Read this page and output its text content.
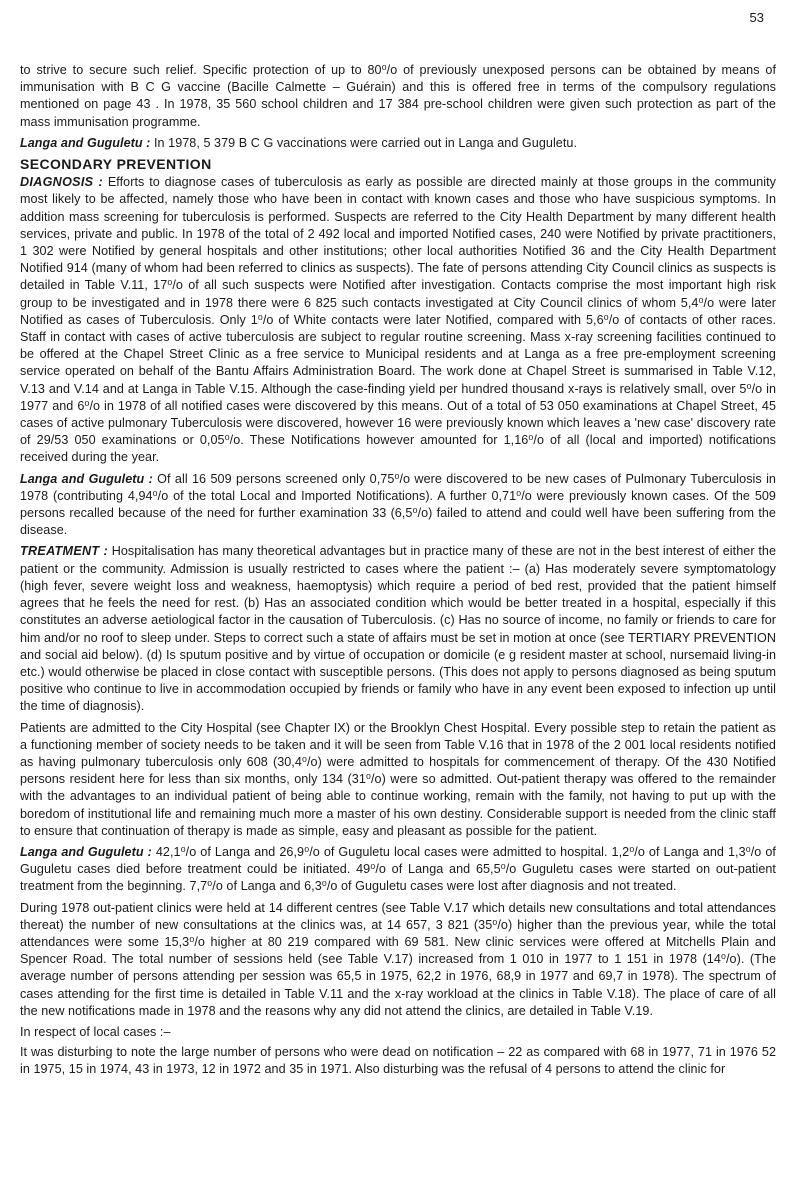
53

to strive to secure such relief. Specific protection of up to 80⁰/o of previously unexposed persons can be obtained by means of immunisation with B C G vaccine (Bacille Calmette – Guérain) and this is offered free in terms of the compulsory regulations mentioned on page 43 . In 1978, 35 560 school children and 17 384 pre-school children were given such protection as part of the mass immunisation programme.

Langa and Guguletu : In 1978, 5 379 B C G vaccinations were carried out in Langa and Guguletu.

SECONDARY PREVENTION

DIAGNOSIS : Efforts to diagnose cases of tuberculosis as early as possible are directed mainly at those groups in the community most likely to be affected, namely those who have been in contact with known cases and those who have suspicious symptoms. In addition mass screening for tuberculosis is performed. Suspects are referred to the City Health Department by many different health services, private and public. In 1978 of the total of 2 492 local and imported Notified cases, 240 were Notified by private practitioners, 1 302 were Notified by general hospitals and other institutions; other local authorities Notified 36 and the City Health Department Notified 914 (many of whom had been referred to clinics as suspects). The fate of persons attending City Council clinics as suspects is detailed in Table V.11, 17⁰/o of all such suspects were Notified after investigation. Contacts comprise the most important high risk group to be investigated and in 1978 there were 6 825 such contacts investigated at City Council clinics of whom 5,4⁰/o were later Notified as cases of Tuberculosis. Only 1⁰/o of White contacts were later Notified, compared with 5,6⁰/o of contacts of other races. Staff in contact with cases of active tuberculosis are subject to regular routine screening. Mass x-ray screening facilities continued to be offered at the Chapel Street Clinic as a free service to Municipal residents and at Langa as a free pre-employment screening service operated on behalf of the Bantu Affairs Administration Board. The work done at Chapel Street is summarised in Table V.12, V.13 and V.14 and at Langa in Table V.15. Although the case-finding yield per hundred thousand x-rays is relatively small, over 5⁰/o in 1977 and 6⁰/o in 1978 of all notified cases were discovered by this means. Out of a total of 53 050 examinations at Chapel Street, 45 cases of active pulmonary Tuberculosis were discovered, however 16 were previously known which leaves a 'new case' discovery rate of 29/53 050 examinations or 0,05⁰/o. These Notifications however amounted for 1,16⁰/o of all (local and imported) notifications received during the year.

Langa and Guguletu : Of all 16 509 persons screened only 0,75⁰/o were discovered to be new cases of Pulmonary Tuberculosis in 1978 (contributing 4,94⁰/o of the total Local and Imported Notifications). A further 0,71⁰/o were previously known cases. Of the 509 persons recalled because of the need for further examination 33 (6,5⁰/o) failed to attend and could well have been suffering from the disease.

TREATMENT : Hospitalisation has many theoretical advantages but in practice many of these are not in the best interest of either the patient or the community. Admission is usually restricted to cases where the patient :– (a) Has moderately severe symptomatology (high fever, severe weight loss and weakness, haemoptysis) which require a period of bed rest, provided that the patient himself agrees that he feels the need for rest. (b) Has an associated condition which would be better treated in a hospital, especially if this constitutes an adverse aetiological factor in the causation of Tuberculosis. (c) Has no source of income, no family or friends to care for him and/or no roof to sleep under. Steps to correct such a state of affairs must be set in motion at once (see TERTIARY PREVENTION and social aid below). (d) Is sputum positive and by virtue of occupation or domicile (e g resident master at school, nursemaid living-in etc.) would otherwise be placed in close contact with susceptible persons. (This does not apply to persons diagnosed as being sputum positive who continue to live in accommodation occupied by friends or family who have in any event been exposed to infection up until the time of diagnosis).

Patients are admitted to the City Hospital (see Chapter IX) or the Brooklyn Chest Hospital. Every possible step to retain the patient as a functioning member of society needs to be taken and it will be seen from Table V.16 that in 1978 of the 2 001 local residents notified as having pulmonary tuberculosis only 608 (30,4⁰/o) were admitted to hospitals for commencement of therapy. Of the 430 Notified persons resident here for less than six months, only 134 (31⁰/o) were so admitted. Out-patient therapy was offered to the remainder with the advantages to an individual patient of being able to continue working, remain with the family, not having to put up with the boredom of institutional life and remaining much more a master of his own destiny. Considerable support is needed from the clinic staff to ensure that continuation of therapy is made as simple, easy and pleasant as possible for the patient.

Langa and Guguletu : 42,1⁰/o of Langa and 26,9⁰/o of Guguletu local cases were admitted to hospital. 1,2⁰/o of Langa and 1,3⁰/o of Guguletu cases died before treatment could be initiated. 49⁰/o of Langa and 65,5⁰/o Guguletu cases were started on out-patient treatment from the beginning. 7,7⁰/o of Langa and 6,3⁰/o of Guguletu cases were lost after diagnosis and not treated.

During 1978 out-patient clinics were held at 14 different centres (see Table V.17 which details new consultations and total attendances thereat) the number of new consultations at the clinics was, at 14 657, 3 821 (35⁰/o) higher than the previous year, while the total attendances were some 15,3⁰/o higher at 80 219 compared with 69 581. New clinic services were offered at Mitchells Plain and Spencer Road. The total number of sessions held (see Table V.17) increased from 1 010 in 1977 to 1 151 in 1978 (14⁰/o). (The average number of persons attending per session was 65,5 in 1975, 62,2 in 1976, 68,9 in 1977 and 69,7 in 1978). The spectrum of cases attending for the first time is detailed in Table V.11 and the x-ray workload at the clinics in Table V.18). The place of care of all the new notifications made in 1978 and the reasons why any did not attend the clinics, are detailed in Table V.19.

In respect of local cases :–

It was disturbing to note the large number of persons who were dead on notification – 22 as compared with 68 in 1977, 71 in 1976 52 in 1975, 15 in 1974, 43 in 1973, 12 in 1972 and 35 in 1971. Also disturbing was the refusal of 4 persons to attend the clinic for
